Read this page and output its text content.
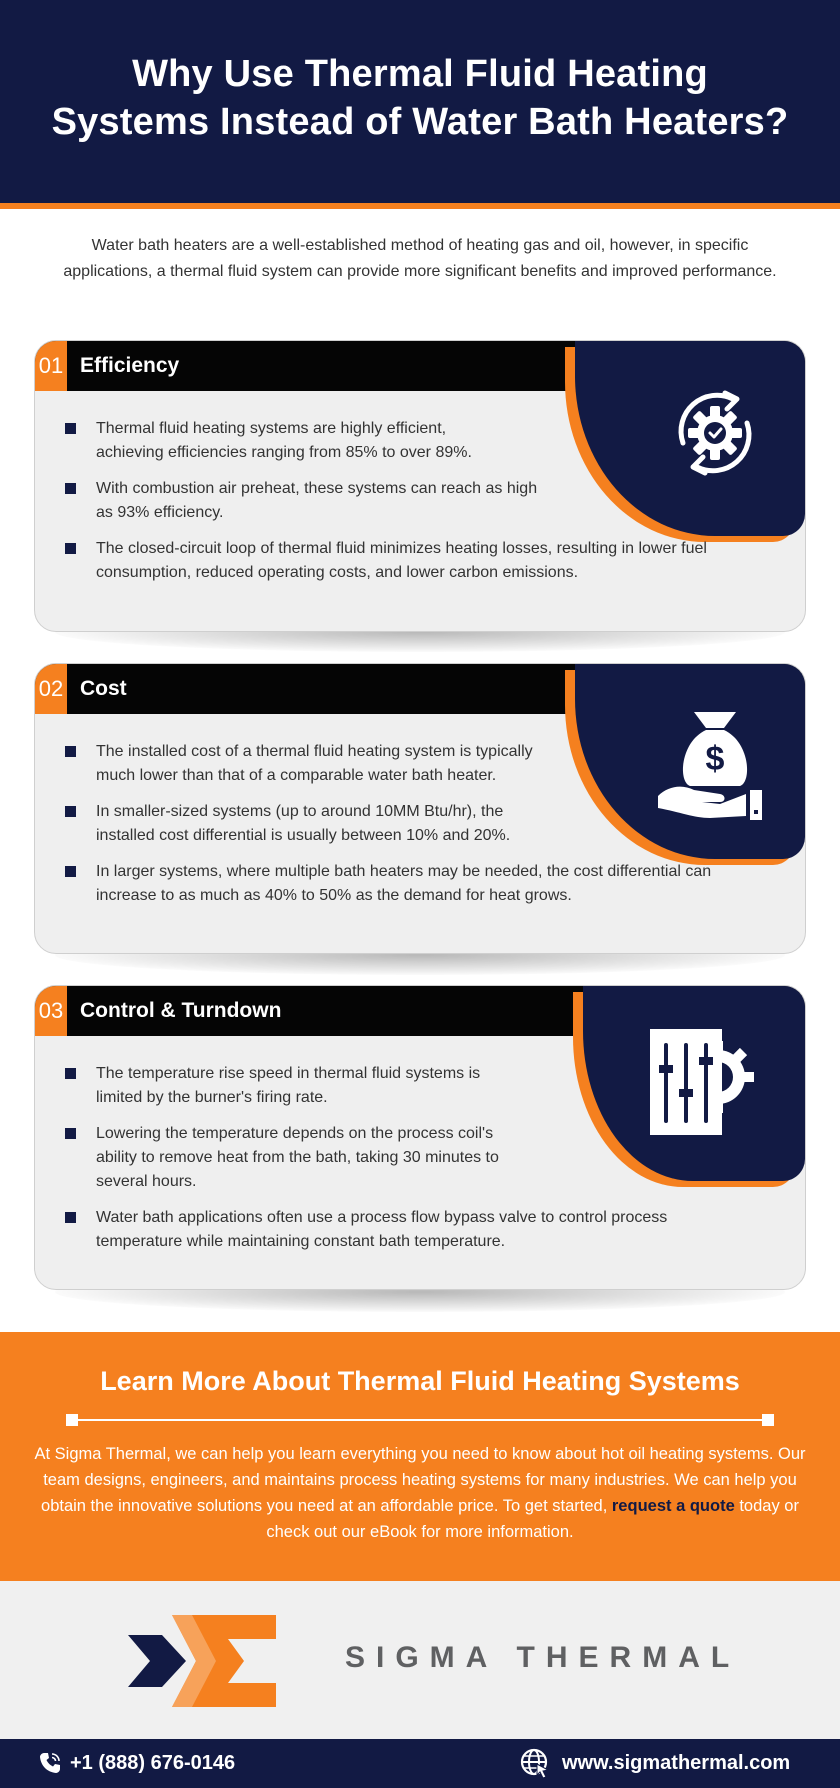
Why Use Thermal Fluid Heating
Systems Instead of Water Bath Heaters?

Water bath heaters are a well-established method of heating gas and oil, however, in specific applications, a thermal fluid system can provide more significant benefits and improved performance.

01 Efficiency
Thermal fluid heating systems are highly efficient, achieving efficiencies ranging from 85% to over 89%.
With combustion air preheat, these systems can reach as high as 93% efficiency.
The closed-circuit loop of thermal fluid minimizes heating losses, resulting in lower fuel consumption, reduced operating costs, and lower carbon emissions.
02 Cost
$
The installed cost of a thermal fluid heating system is typically much lower than that of a comparable water bath heater.
In smaller-sized systems (up to around 10MM Btu/hr), the installed cost differential is usually between 10% and 20%.
In larger systems, where multiple bath heaters may be needed, the cost differential can increase to as much as 40% to 50% as the demand for heat grows.
03 Control & Turndown
The temperature rise speed in thermal fluid systems is limited by the burner's firing rate.
Lowering the temperature depends on the process coil's ability to remove heat from the bath, taking 30 minutes to several hours.
Water bath applications often use a process flow bypass valve to control process temperature while maintaining constant bath temperature.
Learn More About Thermal Fluid Heating Systems

At Sigma Thermal, we can help you learn everything you need to know about hot oil heating systems. Our team designs, engineers, and maintains process heating systems for many industries. We can help you obtain the innovative solutions you need at an affordable price. To get started, request a quote today or check out our eBook for more information.

SIGMA THERMAL
+1 (888) 676-0146	www.sigmathermal.com
